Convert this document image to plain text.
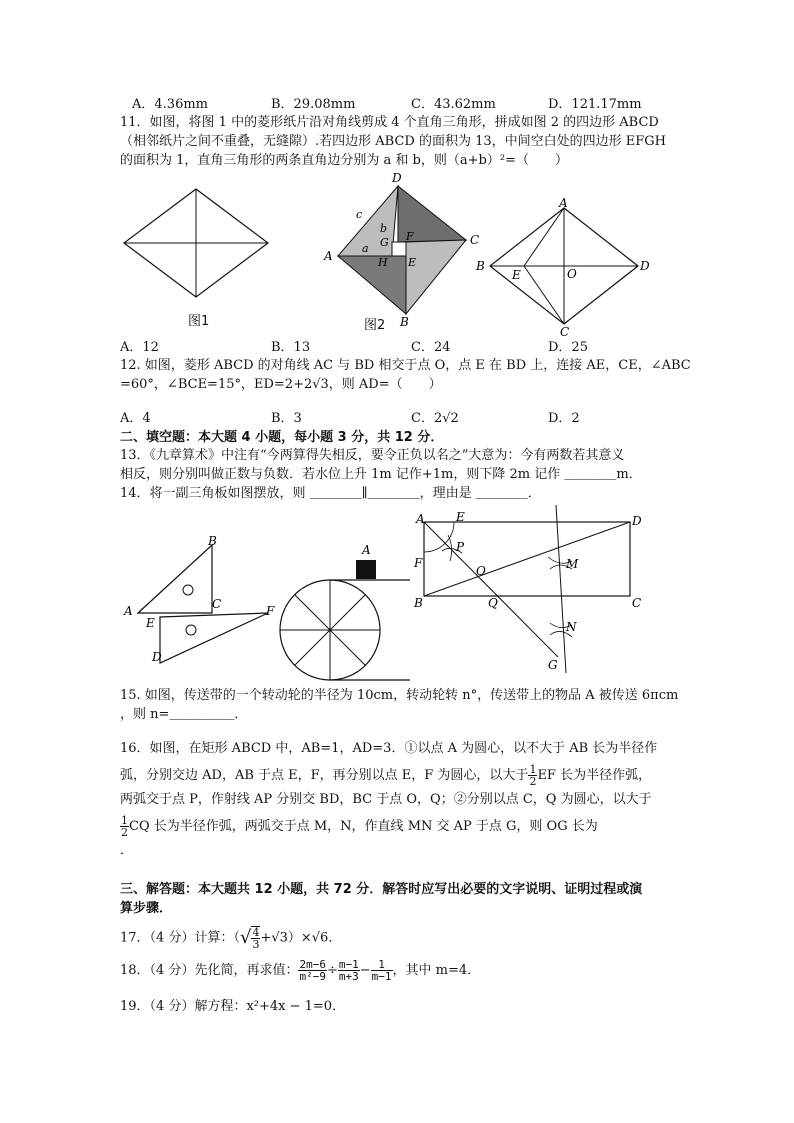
A．4.36mm	B．29.08mm	C．43.62mm	D．121.17mm
11．如图，将图 1 中的菱形纸片沿对角线剪成 4 个直角三角形，拼成如图 2 的四边形 ABCD
（相邻纸片之间不重叠，无缝隙）.若四边形 ABCD 的面积为 13，中间空白处的四边形 EFGH
的面积为 1，直角三角形的两条直角边分别为 a 和 b，则（a+b）²=（　　）
图1
D
A
C
B
G F
H E
a
b
c
图2
A
B
C
D
E	O
A．12	B．13	C．24	D．25
12. 如图，菱形 ABCD 的对角线 AC 与 BD 相交于点 O，点 E 在 BD 上，连接 AE，CE，∠ABC
=60°，∠BCE=15°，ED=2+2√3，则 AD=（　　）
A．4	B．3	C．2√2	D．2
二、填空题：本大题 4 小题，每小题 3 分，共 12 分．
13．《九章算术》中注有“今两算得失相反，要令正负以名之”大意为：今有两数若其意义
相反，则分别叫做正数与负数．若水位上升 1m 记作+1m，则下降 2m 记作 ＿＿＿＿m．
14．将一副三角板如图摆放，则 ＿＿＿＿∥＿＿＿＿，理由是 ＿＿＿＿．
B
A	C
E
F
D
A
A	E
P
F
O	M
B	Q	C
D
N
G
15. 如图，传送带的一个转动轮的半径为 10cm，转动轮转 n°，传送带上的物品 A 被传送 6πcm
，则 n=＿＿＿＿＿．
16．如图，在矩形 ABCD 中，AB=1，AD=3．①以点 A 为圆心，以不大于 AB 长为半径作
弧，分别交边 AD，AB 于点 E，F，再分别以点 E，F 为圆心，以大于 $\frac{1}{2}$ EF 长为半径作弧，
两弧交于点 P，作射线 AP 分别交 BD，BC 于点 O，Q；②分别以点 C，Q 为圆心，以大于
$\frac{1}{2}$ CQ 长为半径作弧，两弧交于点 M，N，作直线 MN 交 AP 于点 G，则 OG 长为
．
三、解答题：本大题共 12 小题，共 72 分．解答时应写出必要的文字说明、证明过程或演
算步骤．
17．（4 分）计算：（√ $\frac{4}{3} +√3)\times√6$．
18．（4 分）先化简，再求值： $\frac{2m-6}{\text{m²−9}} \div \frac{m-1}{m+3} - \frac{1}{m-1}$ ，其中 m=4．
19．（4 分）解方程：x²+4x − 1=0．
